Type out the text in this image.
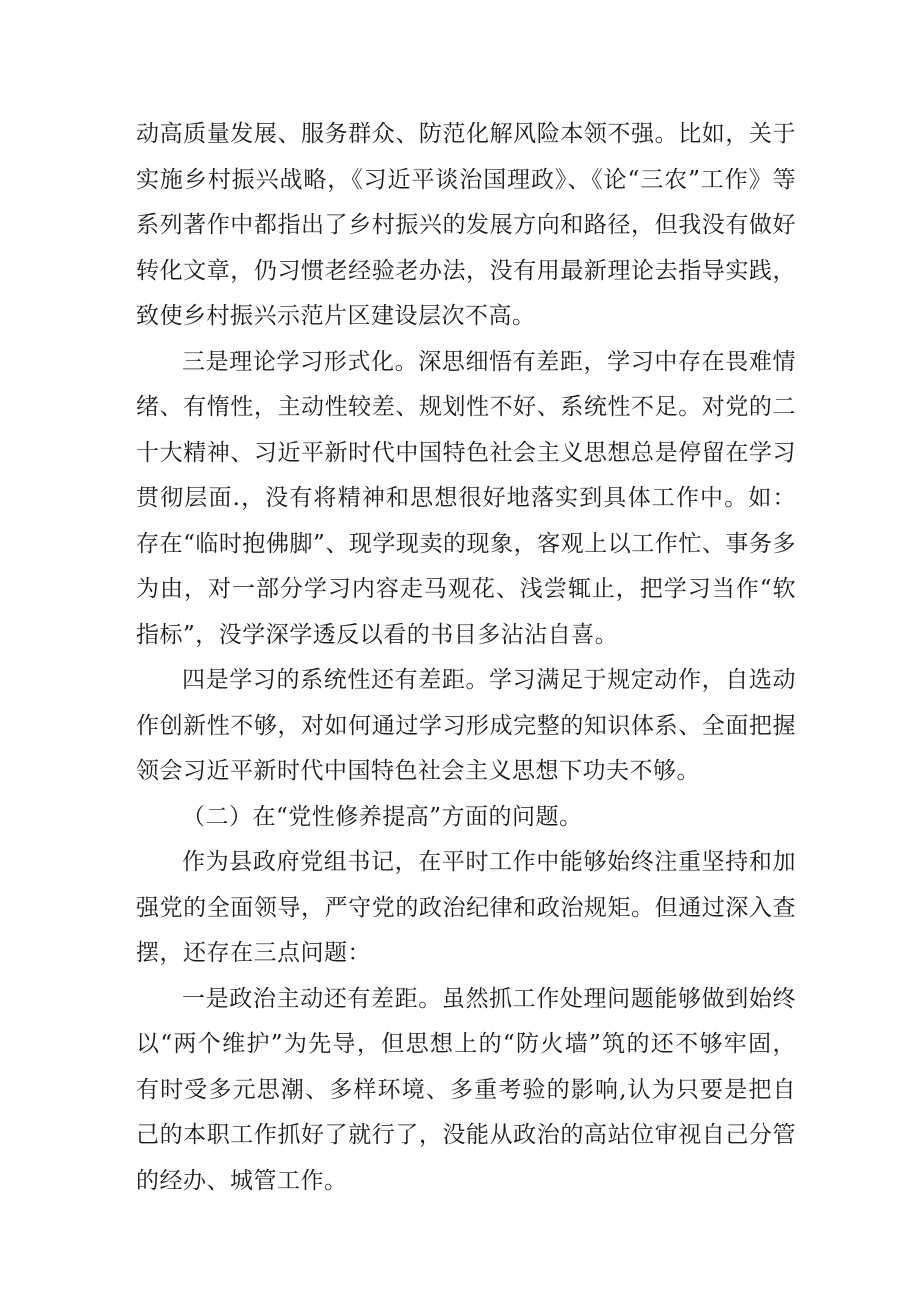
动高质量发展、服务群众、防范化解风险本领不强。比如，关于实施乡村振兴战略，《习近平谈治国理政》、《论“三农”工作》等系列著作中都指出了乡村振兴的发展方向和路径，但我没有做好转化文章，仍习惯老经验老办法，没有用最新理论去指导实践，致使乡村振兴示范片区建设层次不高。

三是理论学习形式化。深思细悟有差距，学习中存在畏难情绪、有惰性，主动性较差、规划性不好、系统性不足。对党的二十大精神、习近平新时代中国特色社会主义思想总是停留在学习贯彻层面.，没有将精神和思想很好地落实到具体工作中。如：存在“临时抱佛脚”、现学现卖的现象，客观上以工作忙、事务多为由，对一部分学习内容走马观花、浅尝辄止，把学习当作“软指标”，没学深学透反以看的书目多沾沾自喜。

四是学习的系统性还有差距。学习满足于规定动作，自选动作创新性不够，对如何通过学习形成完整的知识体系、全面把握领会习近平新时代中国特色社会主义思想下功夫不够。

（二）在“党性修养提高”方面的问题。

作为县政府党组书记，在平时工作中能够始终注重坚持和加强党的全面领导，严守党的政治纪律和政治规矩。但通过深入查摆，还存在三点问题：

一是政治主动还有差距。虽然抓工作处理问题能够做到始终以“两个维护”为先导，但思想上的“防火墙”筑的还不够牢固，有时受多元思潮、多样环境、多重考验的影响,认为只要是把自己的本职工作抓好了就行了，没能从政治的高站位审视自己分管的经办、城管工作。
